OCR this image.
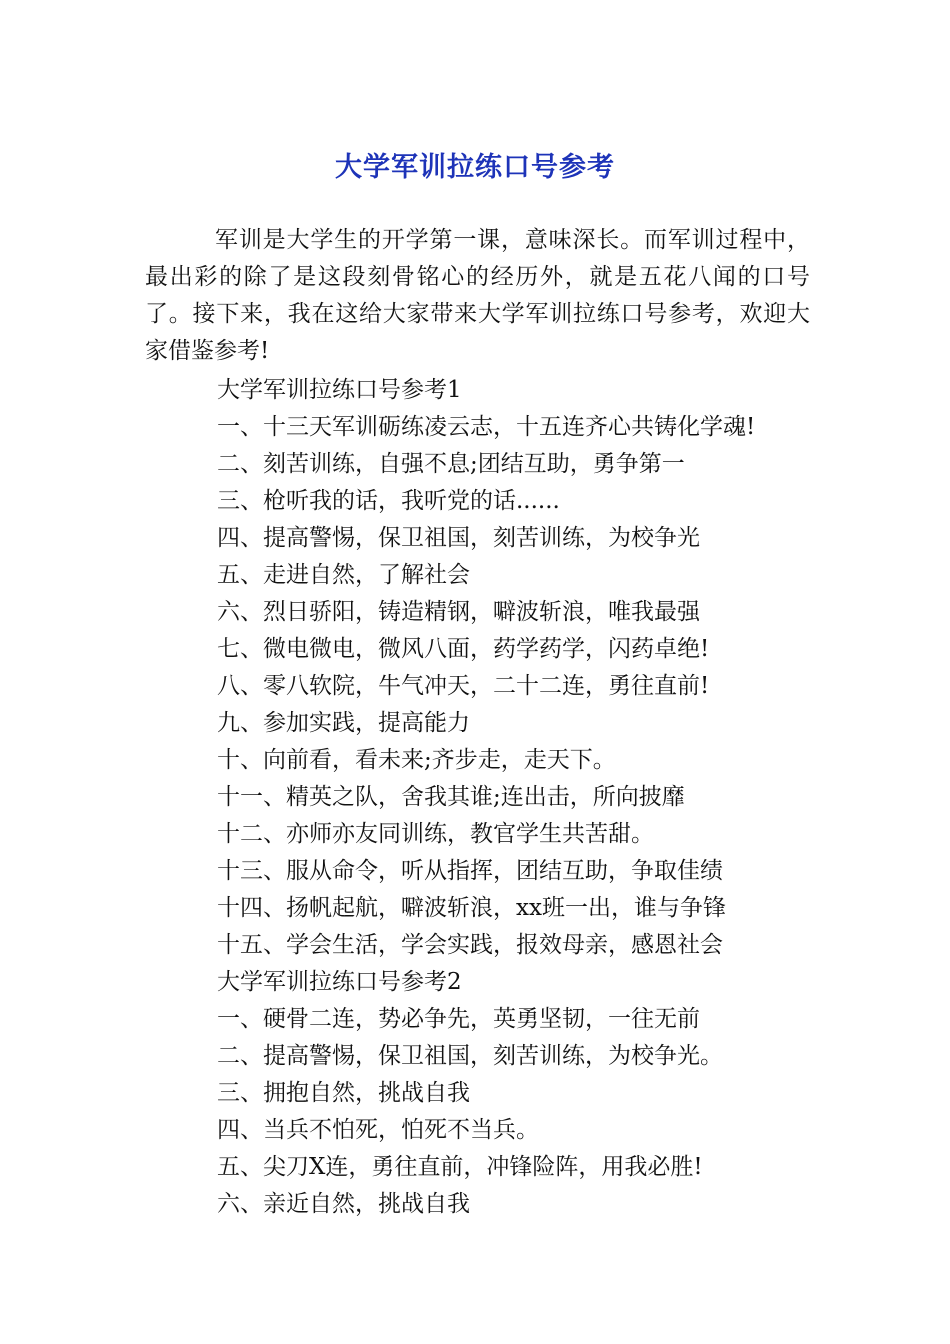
大学军训拉练口号参考

军训是大学生的开学第一课，意味深长。而军训过程中，最出彩的除了是这段刻骨铭心的经历外，就是五花八闻的口号了。接下来，我在这给大家带来大学军训拉练口号参考，欢迎大家借鉴参考!

大学军训拉练口号参考1
一、十三天军训砺练凌云志，十五连齐心共铸化学魂!
二、刻苦训练，自强不息;团结互助，勇争第一
三、枪听我的话，我听党的话......
四、提高警惕，保卫祖国，刻苦训练，为校争光
五、走进自然，了解社会
六、烈日骄阳，铸造精钢，噼波斩浪，唯我最强
七、微电微电，微风八面，药学药学，闪药卓绝!
八、零八软院，牛气冲天，二十二连，勇往直前!
九、参加实践，提高能力
十、向前看，看未来;齐步走，走天下。
十一、精英之队，舍我其谁;连出击，所向披靡
十二、亦师亦友同训练，教官学生共苦甜。
十三、服从命令，听从指挥，团结互助，争取佳绩
十四、扬帆起航，噼波斩浪，xx班一出，谁与争锋
十五、学会生活，学会实践，报效母亲，感恩社会
大学军训拉练口号参考2
一、硬骨二连，势必争先，英勇坚韧，一往无前
二、提高警惕，保卫祖国，刻苦训练，为校争光。
三、拥抱自然，挑战自我
四、当兵不怕死，怕死不当兵。
五、尖刀X连，勇往直前，冲锋险阵，用我必胜!
六、亲近自然，挑战自我
